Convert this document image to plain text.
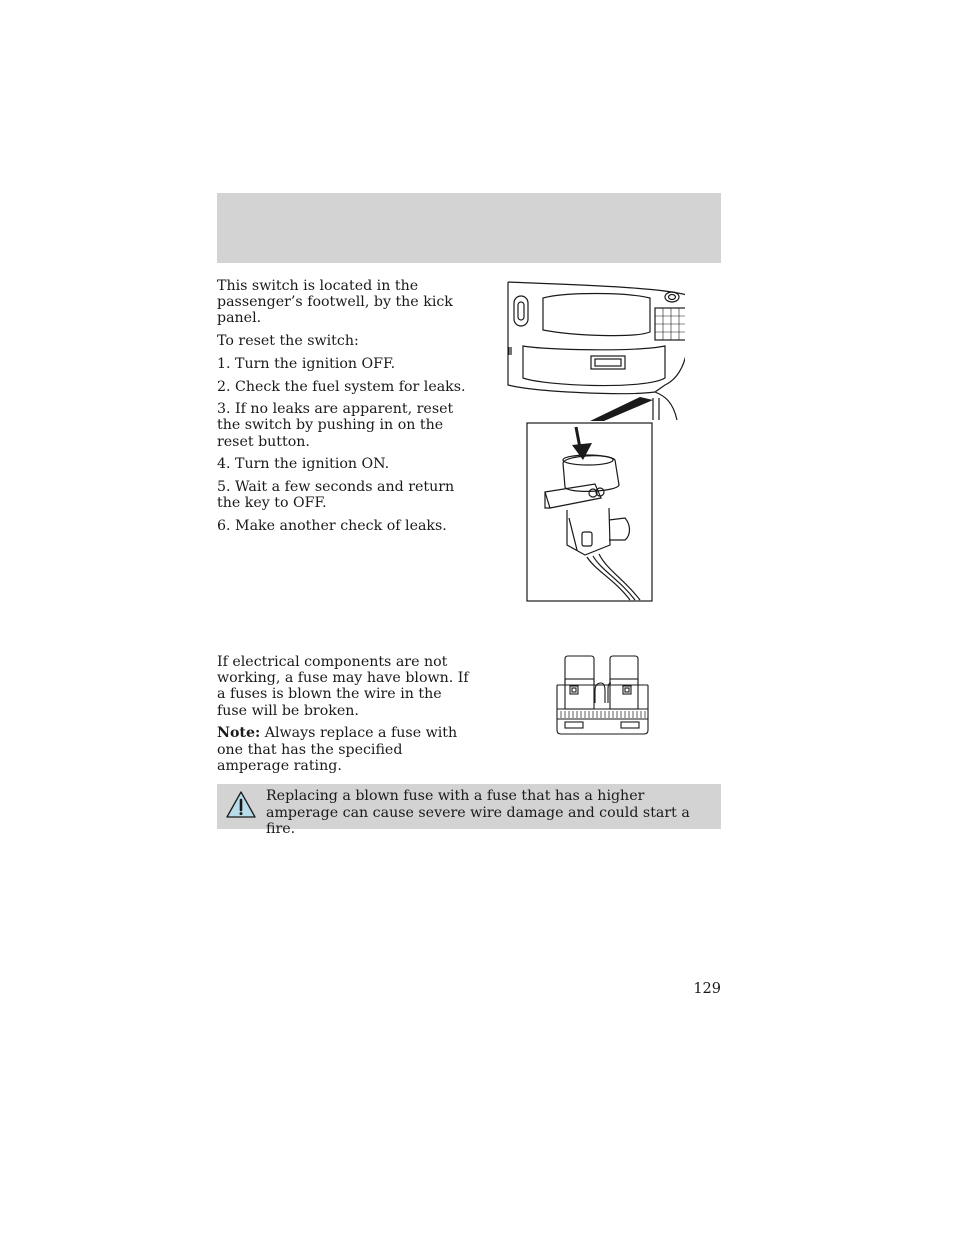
This switch is located in the passenger’s footwell, by the kick panel.

To reset the switch:

1. Turn the ignition OFF.

2. Check the fuel system for leaks.

3. If no leaks are apparent, reset the switch by pushing in on the reset button.

4. Turn the ignition ON.

5. Wait a few seconds and return the key to OFF.

6. Make another check of leaks.

If electrical components are not working, a fuse may have blown. If a fuses is blown the wire in the fuse will be broken.

Note: Always replace a fuse with one that has the specified amperage rating.

Replacing a blown fuse with a fuse that has a higher amperage can cause severe wire damage and could start a fire.
129
